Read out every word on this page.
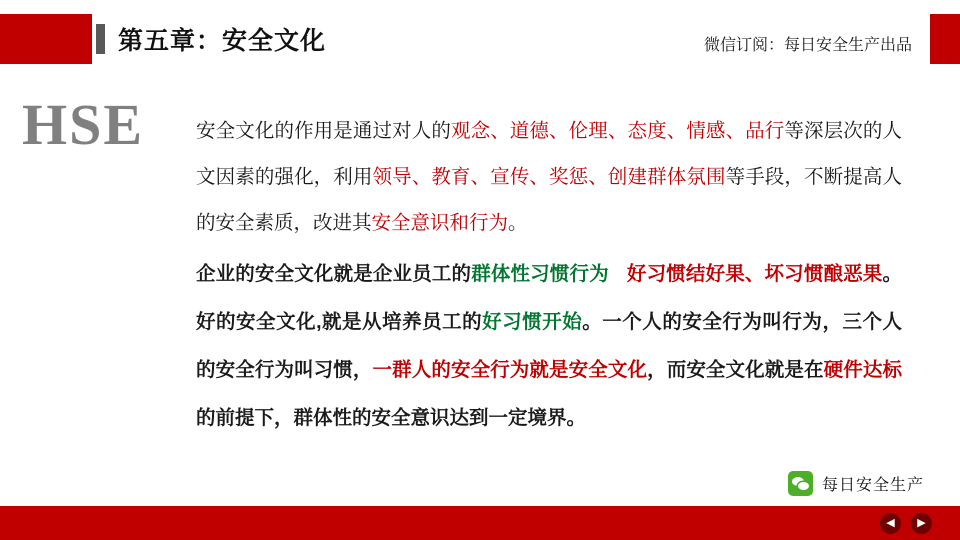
第五章：安全文化	微信订阅：每日安全生产出品
HSE	安全文化的作用是通过对人的观念、道德、伦理、态度、情感、品行等深层次的人文因素的强化，利用领导、教育、宣传、奖惩、创建群体氛围等手段，不断提高人的安全素质，改进其安全意识和行为。
企业的安全文化就是企业员工的群体性习惯行为 好习惯结好果、坏习惯酿恶果。好的安全文化,就是从培养员工的好习惯开始。一个人的安全行为叫行为，三个人的安全行为叫习惯，一群人的安全行为就是安全文化，而安全文化就是在硬件达标的前提下，群体性的安全意识达到一定境界。
每日安全生产
◀ ▶
